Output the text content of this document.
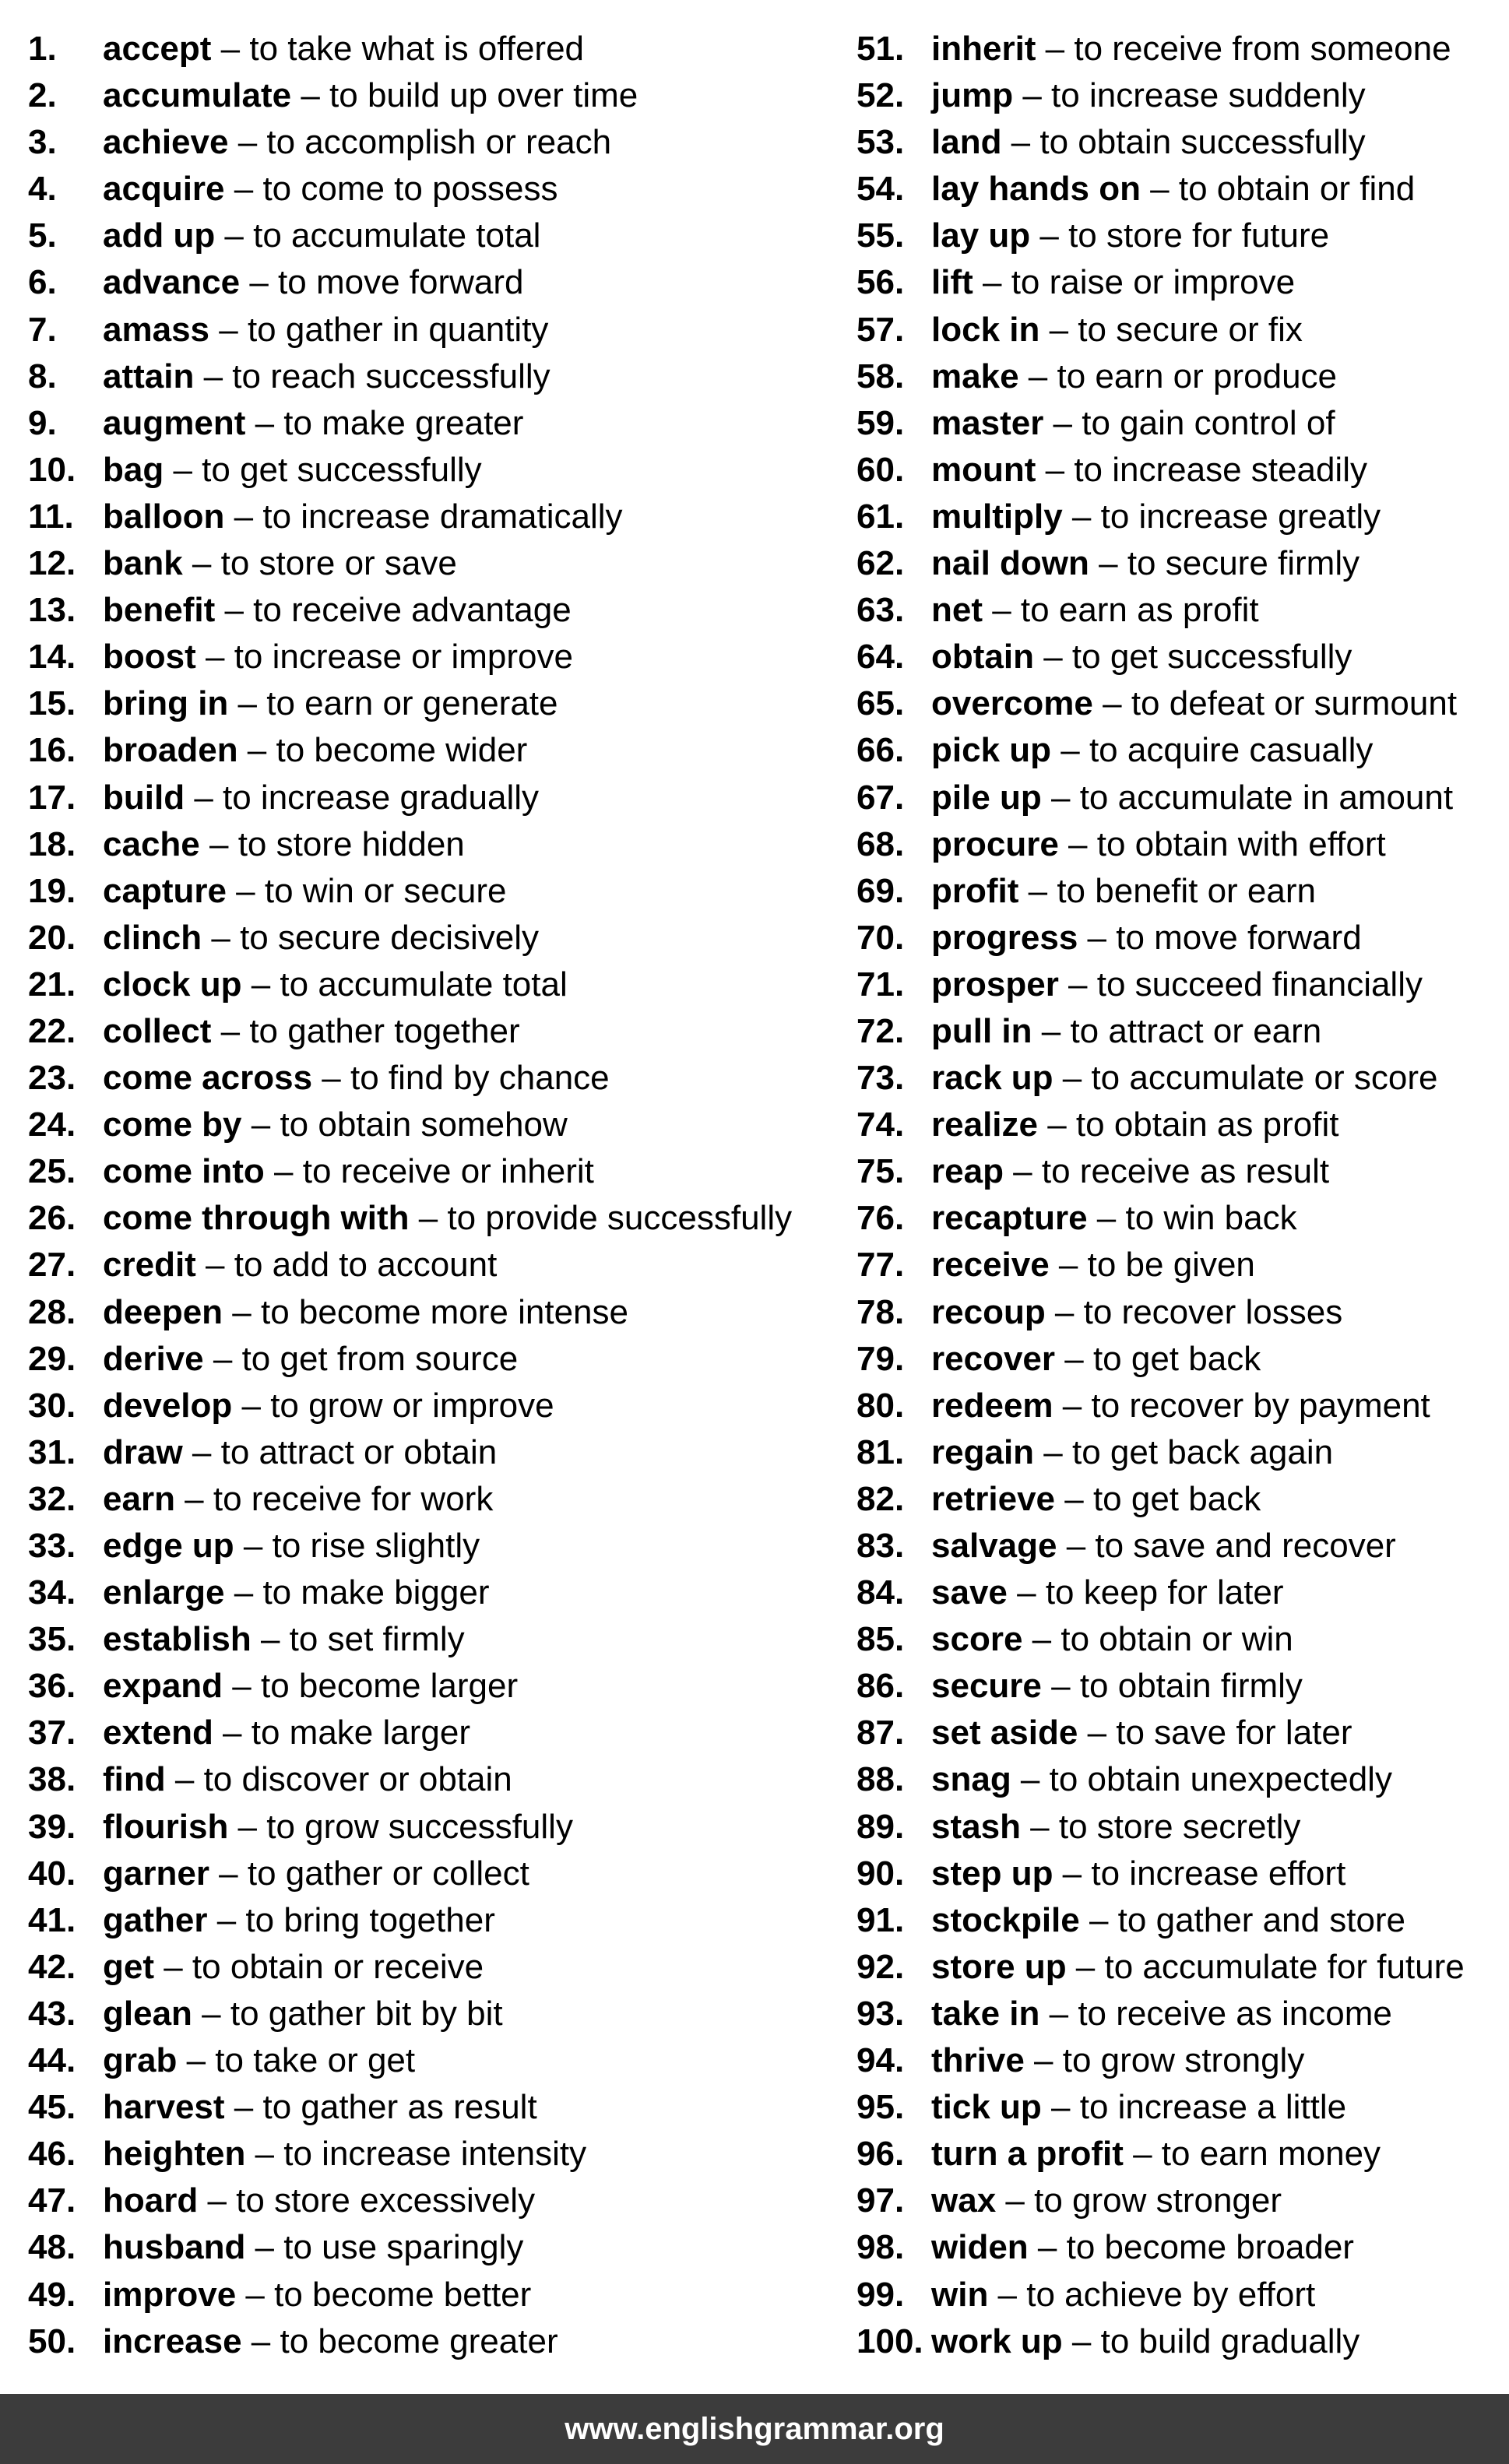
1.	accept – to take what is offered
2.	accumulate – to build up over time
3.	achieve – to accomplish or reach
4.	acquire – to come to possess
5.	add up – to accumulate total
6.	advance – to move forward
7.	amass – to gather in quantity
8.	attain – to reach successfully
9.	augment – to make greater
10. bag – to get successfully
11. balloon – to increase dramatically
12. bank – to store or save
13. benefit – to receive advantage
14. boost – to increase or improve
15. bring in – to earn or generate
16. broaden – to become wider
17. build – to increase gradually
18. cache – to store hidden
19. capture – to win or secure
20. clinch – to secure decisively
21. clock up – to accumulate total
22. collect – to gather together
23. come across – to find by chance
24. come by – to obtain somehow
25. come into – to receive or inherit
26. come through with – to provide successfully
27. credit – to add to account
28. deepen – to become more intense
29. derive – to get from source
30. develop – to grow or improve
31. draw – to attract or obtain
32. earn – to receive for work
33. edge up – to rise slightly
34. enlarge – to make bigger
35. establish – to set firmly
36. expand – to become larger
37. extend – to make larger
38. find – to discover or obtain
39. flourish – to grow successfully
40. garner – to gather or collect
41. gather – to bring together
42. get – to obtain or receive
43. glean – to gather bit by bit
44. grab – to take or get
45. harvest – to gather as result
46. heighten – to increase intensity
47. hoard – to store excessively
48. husband – to use sparingly
49. improve – to become better
50. increase – to become greater
51. inherit – to receive from someone
52. jump – to increase suddenly
53. land – to obtain successfully
54. lay hands on – to obtain or find
55. lay up – to store for future
56. lift – to raise or improve
57. lock in – to secure or fix
58. make – to earn or produce
59. master – to gain control of
60. mount – to increase steadily
61. multiply – to increase greatly
62. nail down – to secure firmly
63. net – to earn as profit
64. obtain – to get successfully
65. overcome – to defeat or surmount
66. pick up – to acquire casually
67. pile up – to accumulate in amount
68. procure – to obtain with effort
69. profit – to benefit or earn
70. progress – to move forward
71. prosper – to succeed financially
72. pull in – to attract or earn
73. rack up – to accumulate or score
74. realize – to obtain as profit
75. reap – to receive as result
76. recapture – to win back
77. receive – to be given
78. recoup – to recover losses
79. recover – to get back
80. redeem – to recover by payment
81. regain – to get back again
82. retrieve – to get back
83. salvage – to save and recover
84. save – to keep for later
85. score – to obtain or win
86. secure – to obtain firmly
87. set aside – to save for later
88. snag – to obtain unexpectedly
89. stash – to store secretly
90. step up – to increase effort
91. stockpile – to gather and store
92. store up – to accumulate for future
93. take in – to receive as income
94. thrive – to grow strongly
95. tick up – to increase a little
96. turn a profit – to earn money
97. wax – to grow stronger
98. widen – to become broader
99. win – to achieve by effort
100. work up – to build gradually
www.englishgrammar.org
